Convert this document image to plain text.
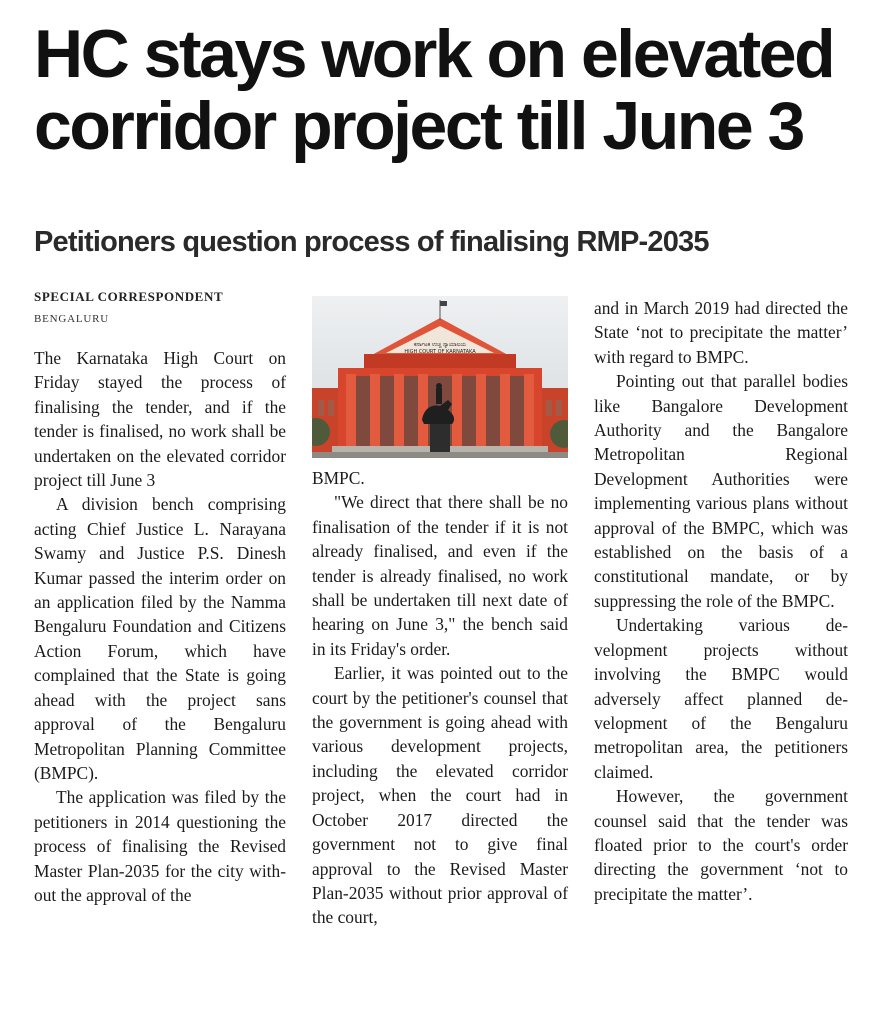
HC stays work on elevated
corridor project till June 3
Petitioners question process of finalising RMP-2035
SPECIAL CORRESPONDENT
BENGALURU

The Karnataka High Court on Friday stayed the process of finalising the tender, and if the tender is finalised, no work shall be undertaken on the elevated corridor project till June 3

A division bench comprising acting Chief Justice L. Narayana Swamy and Justice P.S. Dinesh Kumar passed the interim order on an application filed by the Namma Bengaluru Foundation and Citizens Action Forum, which have complained that the State is going ahead with the project sans approval of the Bengaluru Metropolitan Planning Committee (BMPC).

The application was filed by the petitioners in 2014 questioning the process of finalising the Revised Master Plan-2035 for the city without the approval of the

ಕರ್ನಾಟಕ ಉಚ್ಚ ನ್ಯಾಯಾಲಯ
HIGH COURT OF KARNATAKA

BMPC.

"We direct that there shall be no finalisation of the tender if it is not already finalised, and even if the tender is already finalised, no work shall be undertaken till next date of hearing on June 3," the bench said in its Friday's order.

Earlier, it was pointed out to the court by the petitioner's counsel that the government is going ahead with various development projects, including the elevated corridor project, when the court had in October 2017 directed the government not to give final approval to the Revised Master Plan-2035 without prior approval of the court,

and in March 2019 had directed the State ‘not to precipitate the matter’ with regard to BMPC.

Pointing out that parallel bodies like Bangalore Development Authority and the Bangalore Metropolitan Regional Development Authorities were implementing various plans without approval of the BMPC, which was established on the basis of a constitutional mandate, or by suppressing the role of the BMPC.

Undertaking various development projects without involving the BMPC would adversely affect planned development of the Bengaluru metropolitan area, the petitioners claimed.

However, the government counsel said that the tender was floated prior to the court's order directing the government ‘not to precipitate the matter’.
